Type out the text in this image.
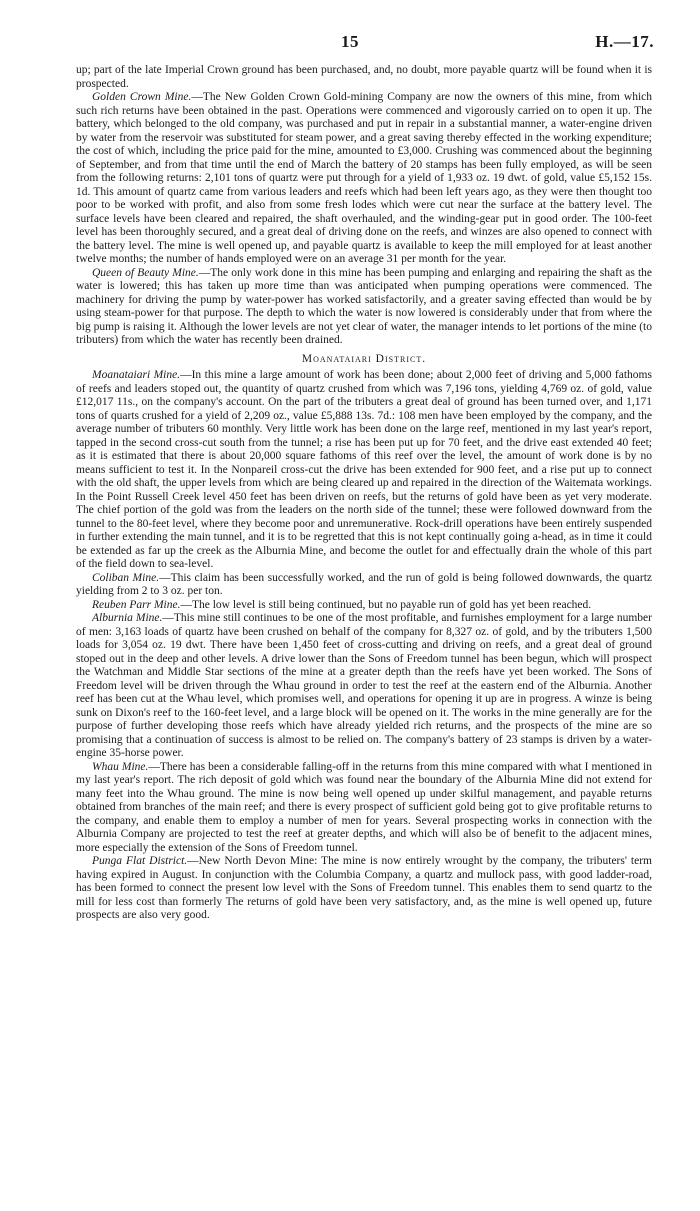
15	H.—17.

up; part of the late Imperial Crown ground has been purchased, and, no doubt, more payable quartz will be found when it is prospected.

Golden Crown Mine.—The New Golden Crown Gold-mining Company are now the owners of this mine, from which such rich returns have been obtained in the past. Operations were commenced and vigorously carried on to open it up. The battery, which belonged to the old company, was purchased and put in repair in a substantial manner, a water-engine driven by water from the reservoir was substituted for steam power, and a great saving thereby effected in the working expenditure; the cost of which, including the price paid for the mine, amounted to £3,000. Crushing was commenced about the beginning of September, and from that time until the end of March the battery of 20 stamps has been fully employed, as will be seen from the following returns: 2,101 tons of quartz were put through for a yield of 1,933 oz. 19 dwt. of gold, value £5,152 15s. 1d. This amount of quartz came from various leaders and reefs which had been left years ago, as they were then thought too poor to be worked with profit, and also from some fresh lodes which were cut near the surface at the battery level. The surface levels have been cleared and repaired, the shaft overhauled, and the winding-gear put in good order. The 100-feet level has been thoroughly secured, and a great deal of driving done on the reefs, and winzes are also opened to connect with the battery level. The mine is well opened up, and payable quartz is available to keep the mill employed for at least another twelve months; the number of hands employed were on an average 31 per month for the year.

Queen of Beauty Mine.—The only work done in this mine has been pumping and enlarging and repairing the shaft as the water is lowered; this has taken up more time than was anticipated when pumping operations were commenced. The machinery for driving the pump by water-power has worked satisfactorily, and a greater saving effected than would be by using steam-power for that purpose. The depth to which the water is now lowered is considerably under that from where the big pump is raising it. Although the lower levels are not yet clear of water, the manager intends to let portions of the mine (to tributers) from which the water has recently been drained.

Moanataiari District.

Moanataiari Mine.—In this mine a large amount of work has been done; about 2,000 feet of driving and 5,000 fathoms of reefs and leaders stoped out, the quantity of quartz crushed from which was 7,196 tons, yielding 4,769 oz. of gold, value £12,017 11s., on the company's account. On the part of the tributers a great deal of ground has been turned over, and 1,171 tons of quarts crushed for a yield of 2,209 oz., value £5,888 13s. 7d.: 108 men have been employed by the company, and the average number of tributers 60 monthly. Very little work has been done on the large reef, mentioned in my last year's report, tapped in the second cross-cut south from the tunnel; a rise has been put up for 70 feet, and the drive east extended 40 feet; as it is estimated that there is about 20,000 square fathoms of this reef over the level, the amount of work done is by no means sufficient to test it. In the Nonpareil cross-cut the drive has been extended for 900 feet, and a rise put up to connect with the old shaft, the upper levels from which are being cleared up and repaired in the direction of the Waitemata workings. In the Point Russell Creek level 450 feet has been driven on reefs, but the returns of gold have been as yet very moderate. The chief portion of the gold was from the leaders on the north side of the tunnel; these were followed downward from the tunnel to the 80-feet level, where they become poor and unremunerative. Rock-drill operations have been entirely suspended in further extending the main tunnel, and it is to be regretted that this is not kept continually going a-head, as in time it could be extended as far up the creek as the Alburnia Mine, and become the outlet for and effectually drain the whole of this part of the field down to sea-level.

Coliban Mine.—This claim has been successfully worked, and the run of gold is being followed downwards, the quartz yielding from 2 to 3 oz. per ton.

Reuben Parr Mine.—The low level is still being continued, but no payable run of gold has yet been reached.

Alburnia Mine.—This mine still continues to be one of the most profitable, and furnishes employment for a large number of men: 3,163 loads of quartz have been crushed on behalf of the company for 8,327 oz. of gold, and by the tributers 1,500 loads for 3,054 oz. 19 dwt. There have been 1,450 feet of cross-cutting and driving on reefs, and a great deal of ground stoped out in the deep and other levels. A drive lower than the Sons of Freedom tunnel has been begun, which will prospect the Watchman and Middle Star sections of the mine at a greater depth than the reefs have yet been worked. The Sons of Freedom level will be driven through the Whau ground in order to test the reef at the eastern end of the Alburnia. Another reef has been cut at the Whau level, which promises well, and operations for opening it up are in progress. A winze is being sunk on Dixon's reef to the 160-feet level, and a large block will be opened on it. The works in the mine generally are for the purpose of further developing those reefs which have already yielded rich returns, and the prospects of the mine are so promising that a continuation of success is almost to be relied on. The company's battery of 23 stamps is driven by a water-engine 35-horse power.

Whau Mine.—There has been a considerable falling-off in the returns from this mine compared with what I mentioned in my last year's report. The rich deposit of gold which was found near the boundary of the Alburnia Mine did not extend for many feet into the Whau ground. The mine is now being well opened up under skilful management, and payable returns obtained from branches of the main reef; and there is every prospect of sufficient gold being got to give profitable returns to the company, and enable them to employ a number of men for years. Several prospecting works in connection with the Alburnia Company are projected to test the reef at greater depths, and which will also be of benefit to the adjacent mines, more especially the extension of the Sons of Freedom tunnel.

Punga Flat District.—New North Devon Mine: The mine is now entirely wrought by the company, the tributers' term having expired in August. In conjunction with the Columbia Company, a quartz and mullock pass, with good ladder-road, has been formed to connect the present low level with the Sons of Freedom tunnel. This enables them to send quartz to the mill for less cost than formerly The returns of gold have been very satisfactory, and, as the mine is well opened up, future prospects are also very good.
